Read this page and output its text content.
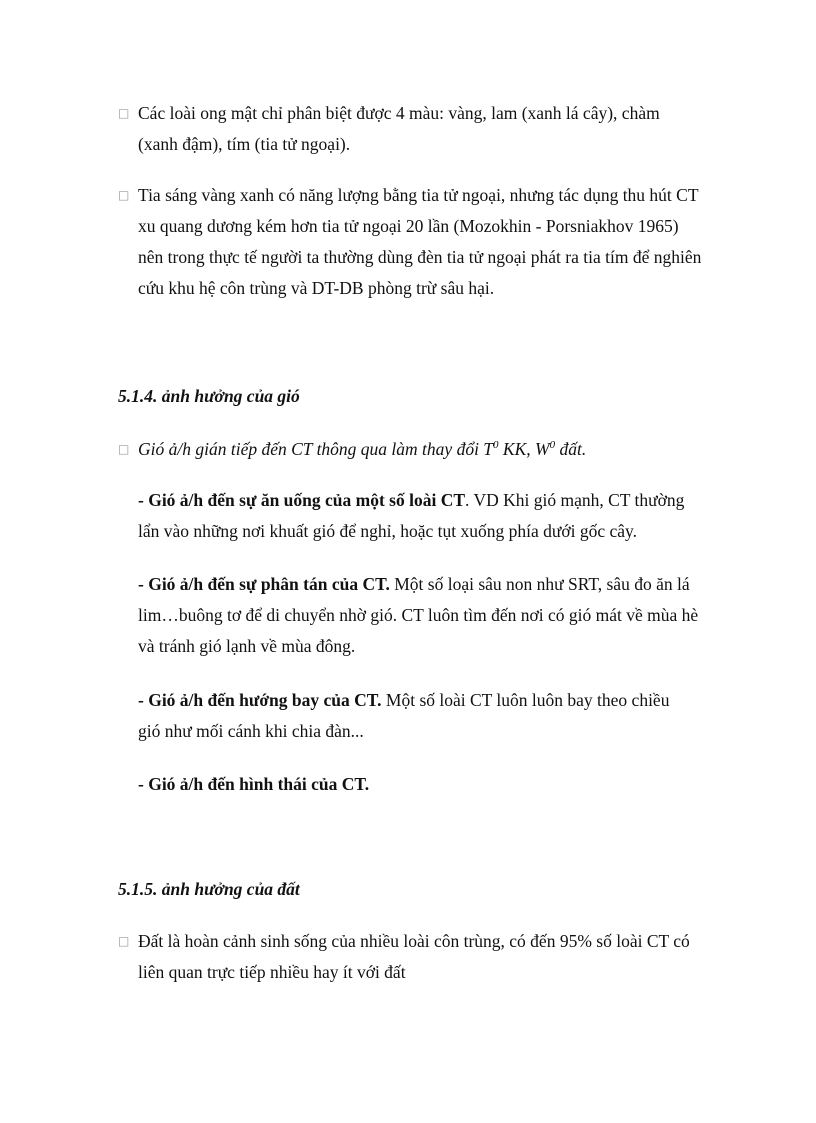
□ Các loài ong mật chỉ phân biệt được 4 màu: vàng, lam (xanh lá cây), chàm
(xanh đậm), tím (tia tử ngoại).

□ Tia sáng vàng xanh có năng lượng bằng tia tử ngoại, nhưng tác dụng thu hút CT
xu quang dương kém hơn tia tử ngoại 20 lần (Mozokhin - Porsniakhov 1965)
nên trong thực tế người ta thường dùng đèn tia tử ngoại phát ra tia tím để nghiên
cứu khu hệ côn trùng và DT-DB phòng trừ sâu hại.

5.1.4. ảnh hưởng của gió

□ Gió ả/h gián tiếp đến CT thông qua làm thay đổi $T^0$ KK, $W^0$ đất.

- Gió ả/h đến sự ăn uống của một số loài CT. VD Khi gió mạnh, CT thường
lẩn vào những nơi khuất gió để nghỉ, hoặc tụt xuống phía dưới gốc cây.

- Gió ả/h đến sự phân tán của CT. Một số loại sâu non như SRT, sâu đo ăn lá
lim…buông tơ để di chuyển nhờ gió. CT luôn tìm đến nơi có gió mát về mùa hè
và tránh gió lạnh về mùa đông.

- Gió ả/h đến hướng bay của CT. Một số loài CT luôn luôn bay theo chiều
gió như mối cánh khi chia đàn...

- Gió ả/h đến hình thái của CT.

5.1.5. ảnh hưởng của đất

□ Đất là hoàn cảnh sinh sống của nhiều loài côn trùng, có đến 95% số loài CT có
liên quan trực tiếp nhiều hay ít với đất
